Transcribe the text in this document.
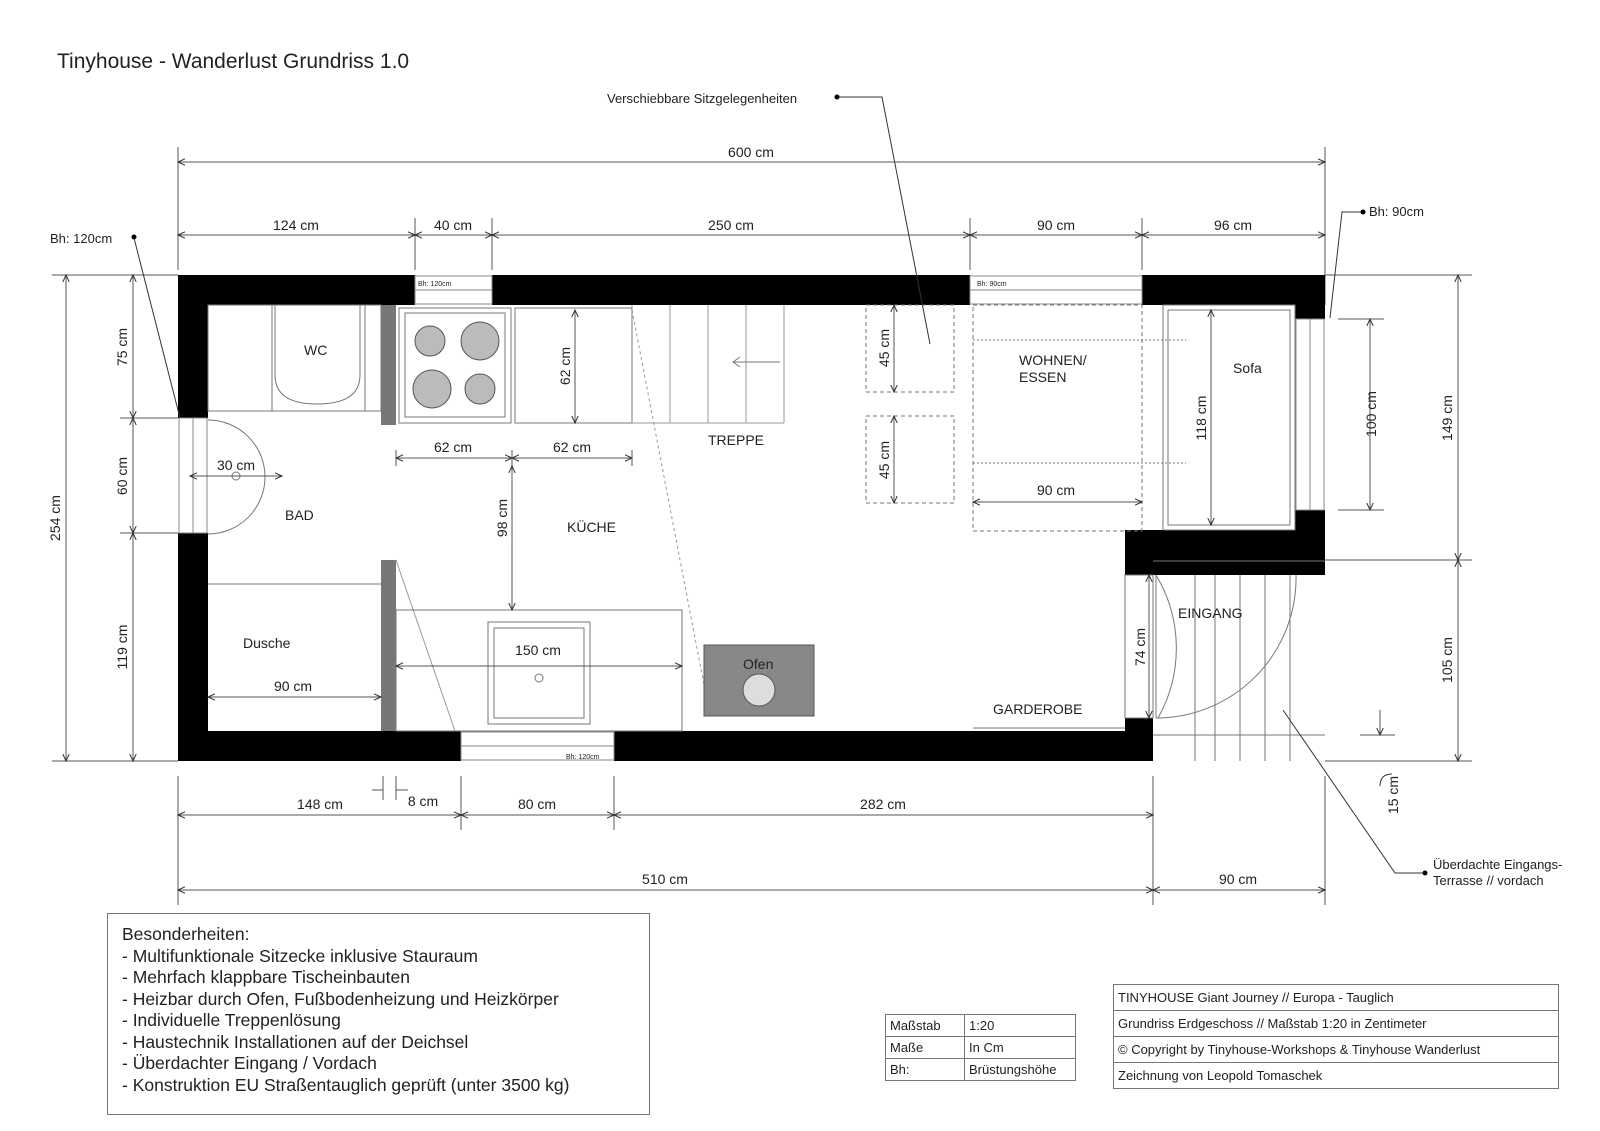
Tinyhouse - Wanderlust Grundriss 1.0
Bh: 120cm	Bh: 90cm
Bh: 120cm
Verschiebbare Sitzgelegenheiten
Bh: 120cm
Bh: 90cm
Überdachte Eingangs-
Terrasse // vordach
WC
BAD
Dusche
KÜCHE
TREPPE
WOHNEN/
ESSEN
Sofa
EINGANG
GARDEROBE
Ofen
600 cm
124 cm	40 cm	250 cm	90 cm	96 cm
148 cm	8 cm	80 cm	282 cm
510 cm	90 cm
30 cm
90 cm
62 cm	62 cm
150 cm
90 cm
254 cm
75 cm
60 cm
119 cm
149 cm
105 cm
62 cm
98 cm
45 cm
45 cm
118 cm	100 cm
74 cm
15 cm
Besonderheiten:
- Multifunktionale Sitzecke inklusive Stauraum
- Mehrfach klappbare Tischeinbauten
- Heizbar durch Ofen, Fußbodenheizung und Heizkörper
- Individuelle Treppenlösung
- Haustechnik Installationen auf der Deichsel
- Überdachter Eingang / Vordach
- Konstruktion EU Straßentauglich geprüft (unter 3500 kg)
Maßstab	1:20
Maße	In Cm
Bh:	Brüstungshöhe
TINYHOUSE Giant Journey // Europa - Tauglich
Grundriss Erdgeschoss // Maßstab 1:20 in Zentimeter
© Copyright by Tinyhouse-Workshops & Tinyhouse Wanderlust
Zeichnung von Leopold Tomaschek
